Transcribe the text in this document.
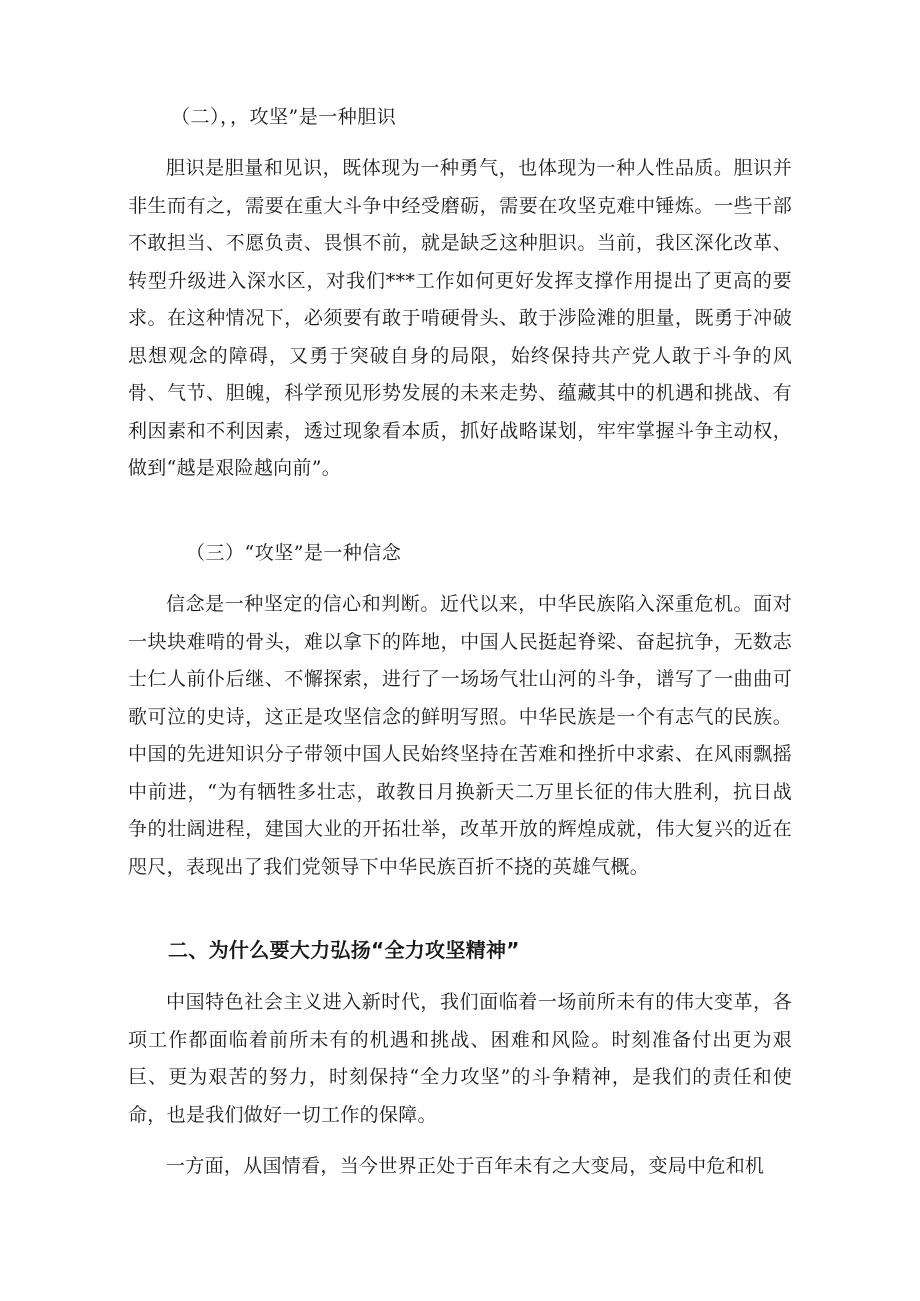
（二），，攻坚”是一种胆识

胆识是胆量和见识，既体现为一种勇气，也体现为一种人性品质。胆识并非生而有之，需要在重大斗争中经受磨砺，需要在攻坚克难中锤炼。一些干部不敢担当、不愿负责、畏惧不前，就是缺乏这种胆识。当前，我区深化改革、转型升级进入深水区，对我们***工作如何更好发挥支撑作用提出了更高的要求。在这种情况下，必须要有敢于啃硬骨头、敢于涉险滩的胆量，既勇于冲破思想观念的障碍，又勇于突破自身的局限，始终保持共产党人敢于斗争的风骨、气节、胆魄，科学预见形势发展的未来走势、蕴藏其中的机遇和挑战、有利因素和不利因素，透过现象看本质，抓好战略谋划，牢牢掌握斗争主动权，做到“越是艰险越向前”。

（三）“攻坚”是一种信念

信念是一种坚定的信心和判断。近代以来，中华民族陷入深重危机。面对一块块难啃的骨头，难以拿下的阵地，中国人民挺起脊梁、奋起抗争，无数志士仁人前仆后继、不懈探索，进行了一场场气壮山河的斗争，谱写了一曲曲可歌可泣的史诗，这正是攻坚信念的鲜明写照。中华民族是一个有志气的民族。中国的先进知识分子带领中国人民始终坚持在苦难和挫折中求索、在风雨飘摇中前进，“为有牺牲多壮志，敢教日月换新天二万里长征的伟大胜利，抗日战争的壮阔进程，建国大业的开拓壮举，改革开放的辉煌成就，伟大复兴的近在咫尺，表现出了我们党领导下中华民族百折不挠的英雄气概。

二、为什么要大力弘扬“全力攻坚精神”

中国特色社会主义进入新时代，我们面临着一场前所未有的伟大变革，各项工作都面临着前所未有的机遇和挑战、困难和风险。时刻准备付出更为艰巨、更为艰苦的努力，时刻保持“全力攻坚”的斗争精神，是我们的责任和使命，也是我们做好一切工作的保障。

一方面，从国情看，当今世界正处于百年未有之大变局，变局中危和机
